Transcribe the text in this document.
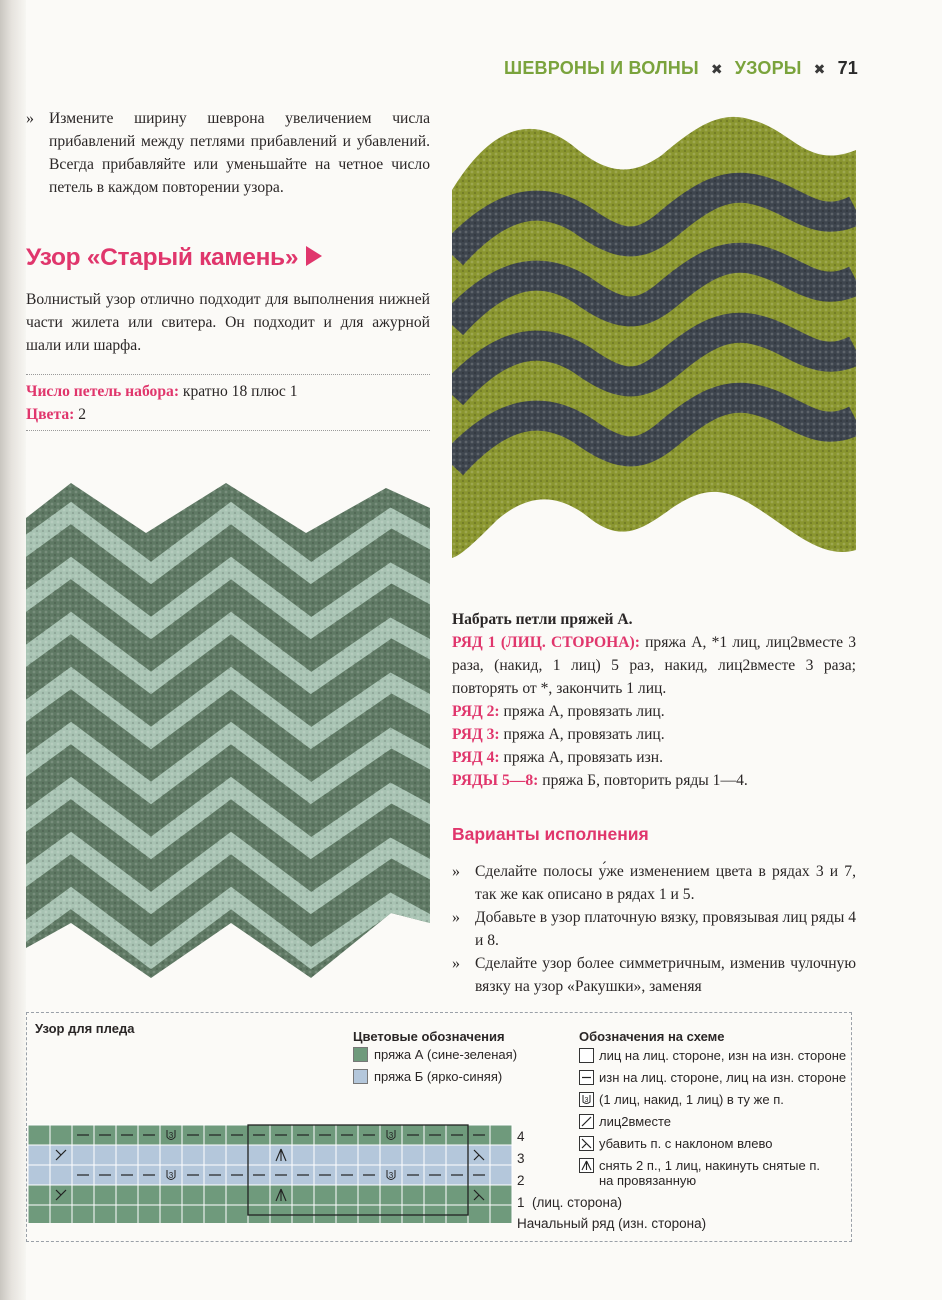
ШЕВРОНЫ И ВОЛНЫ ✖ УЗОРЫ ✖ 71
» Измените ширину шеврона увеличением числа прибавлений между петлями прибавлений и убавлений. Всегда прибавляйте или уменьшайте на четное число петель в каждом повторении узора.
Узор «Старый камень»

Волнистый узор отлично подходит для выполнения нижней части жилета или свитера. Он подходит и для ажурной шали или шарфа.

Число петель набора: кратно 18 плюс 1
Цвета: 2

Набрать петли пряжей А.

РЯД 1 (ЛИЦ. СТОРОНА): пряжа А, *1 лиц, лиц2вместе 3 раза, (накид, 1 лиц) 5 раз, накид, лиц2вместе 3 раза; повторять от *, закончить 1 лиц.

РЯД 2: пряжа А, провязать лиц.

РЯД 3: пряжа А, провязать лиц.

РЯД 4: пряжа А, провязать изн.

РЯДЫ 5—8: пряжа Б, повторить ряды 1—4.

Варианты исполнения
» Сделайте полосы у́же изменением цвета в рядах 3 и 7, так же как описано в рядах 1 и 5.
» Добавьте в узор платочную вязку, провязывая лиц ряды 4 и 8.
» Сделайте узор более симметричным, изменив чулочную вязку на узор «Ракушки», заменяя
Узор для пледа
Цветовые обозначения
пряжа А (сине-зеленая)
пряжа Б (ярко-синяя)
Обозначения на схеме
лиц на лиц. стороне, изн на изн. стороне
изн на лиц. стороне, лиц на изн. стороне
3 (1 лиц, накид, 1 лиц) в ту же п.
лиц2вместе
убавить п. с наклоном влево
снять 2 п., 1 лиц, накинуть снятые п. на провязанную
3	3
3	3
4
3
2
1 (лиц. сторона)
Начальный ряд (изн. сторона)
